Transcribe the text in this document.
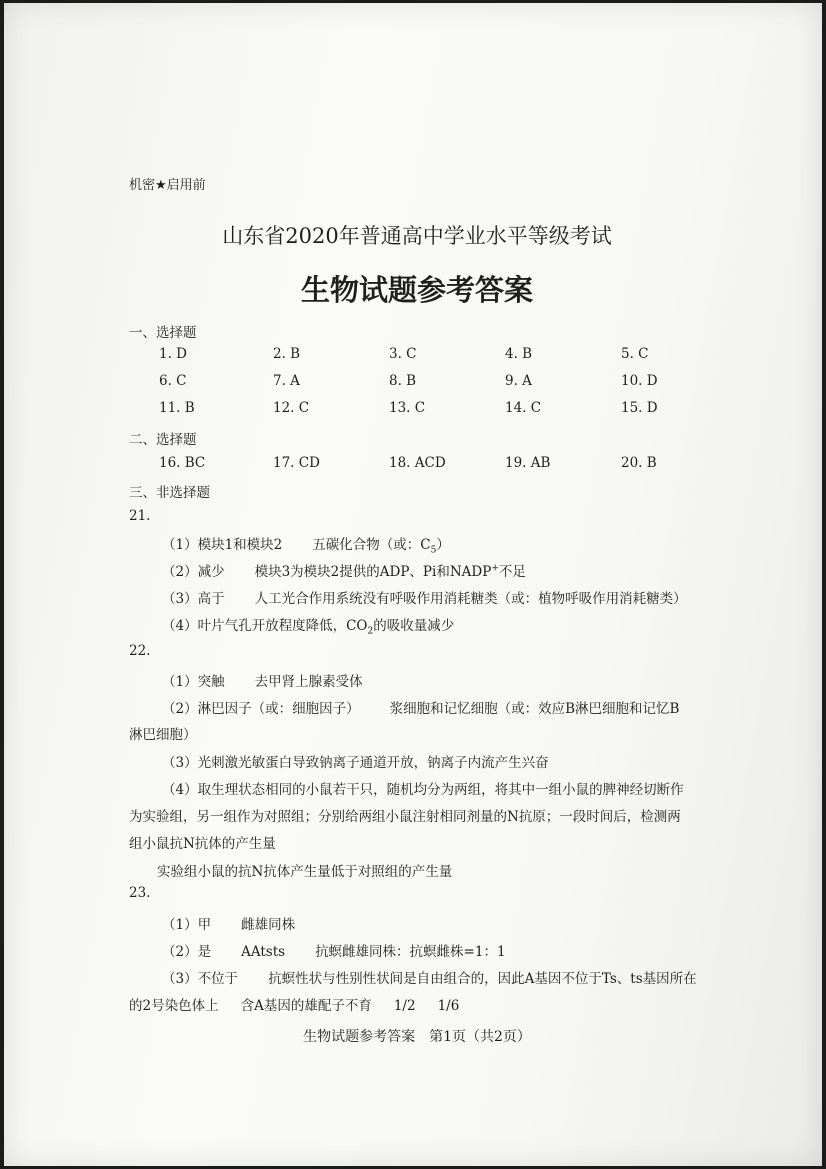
机密★启用前
山东省2020年普通高中学业水平等级考试
生物试题参考答案
一、选择题
1. D	2. B	3. C	4. B	5. C
6. C	7. A	8. B	9. A	10. D
11. B	12. C	13. C	14. C	15. D
二、选择题
16. BC	17. CD	18. ACD	19. AB	20. B
三、非选择题
21.
（1）模块1和模块2 五碳化合物（或：$C_5$）
（2）减少 模块3为模块2提供的ADP、Pi和NADP+不足
（3）高于 人工光合作用系统没有呼吸作用消耗糖类（或：植物呼吸作用消耗糖类）
（4）叶片气孔开放程度降低，$CO_2$的吸收量减少
22.
（1）突触 去甲肾上腺素受体
（2）淋巴因子（或：细胞因子） 浆细胞和记忆细胞（或：效应B淋巴细胞和记忆B
淋巴细胞）
（3）光刺激光敏蛋白导致钠离子通道开放，钠离子内流产生兴奋
（4）取生理状态相同的小鼠若干只，随机均分为两组，将其中一组小鼠的脾神经切断作
为实验组，另一组作为对照组；分别给两组小鼠注射相同剂量的N抗原；一段时间后，检测两
组小鼠抗N抗体的产生量
实验组小鼠的抗N抗体产生量低于对照组的产生量
23.
（1）甲 雌雄同株
（2）是 AAtsts 抗螟雌雄同株：抗螟雌株=1：1
（3）不位于 抗螟性状与性别性状间是自由组合的，因此A基因不位于Ts、ts基因所在
的2号染色体上 含A基因的雄配子不育 1/2 1/6
生物试题参考答案　第1页（共2页）
